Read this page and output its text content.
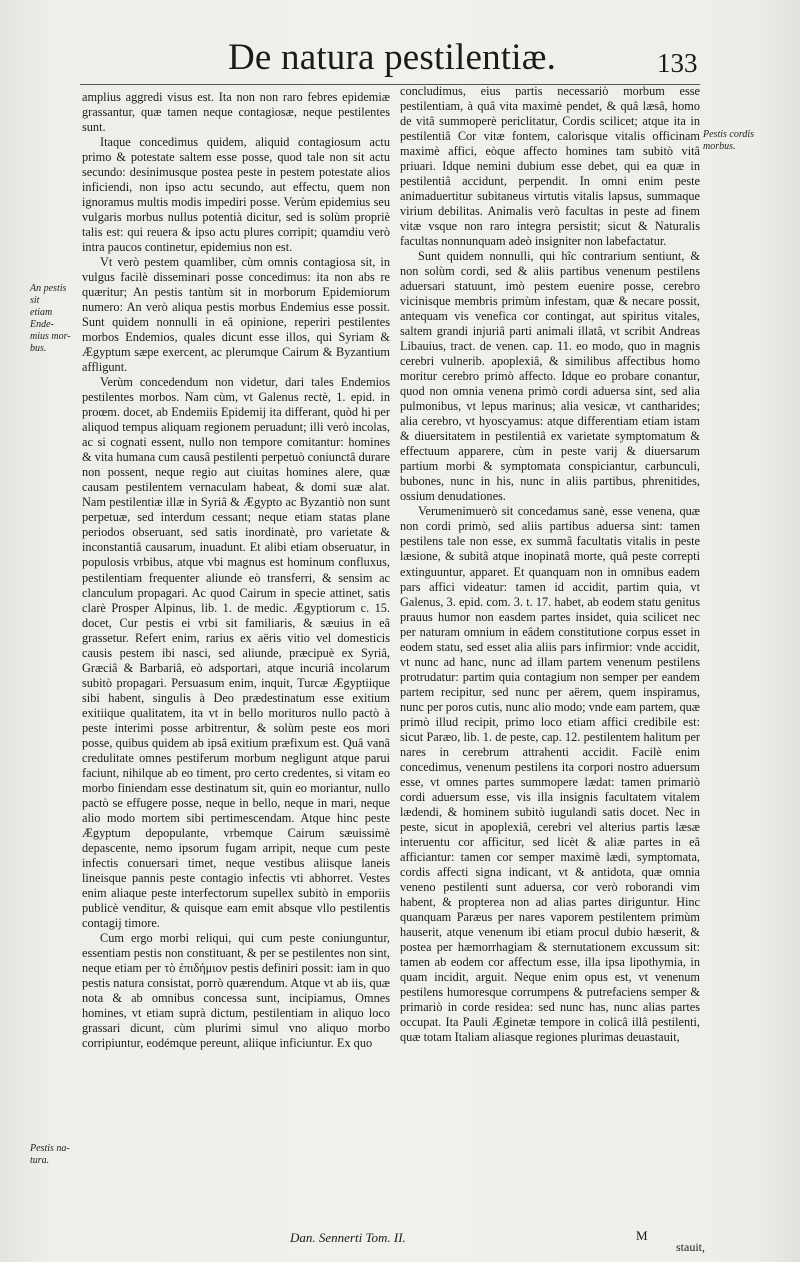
De natura pestilentiæ.	133
An pestis sit
etiam Ende-
mius mor-
bus.
Pestis na-
tura.
Pestis cordis
morbus.

amplius aggredi visus est. Ita non non raro febres epidemiæ grassantur, quæ tamen neque contagiosæ, neque pestilentes sunt.

Itaque concedimus quidem, aliquid contagiosum actu primo & potestate saltem esse posse, quod tale non sit actu secundo: desinimusque postea peste in pestem potestate alios inficiendi, non ipso actu secundo, aut effectu, quem non ignoramus multis modis impediri posse. Verùm epidemius seu vulgaris morbus nullus potentià dicitur, sed is solùm propriè talis est: qui reuera & ipso actu plures corripit; quamdiu verò intra paucos continetur, epidemius non est.

Vt verò pestem quamliber, cùm omnis contagiosa sit, in vulgus facilè disseminari posse concedimus: ita non abs re quæritur; An pestis tantùm sit in morborum Epidemiorum numero: An verò aliqua pestis morbus Endemius esse possit. Sunt quidem nonnulli in eâ opinione, reperiri pestilentes morbos Endemios, quales dicunt esse illos, qui Syriam & Ægyptum sæpe exercent, ac plerumque Cairum & Byzantium affligunt.

Verùm concedendum non videtur, dari tales Endemios pestilentes morbos. Nam cùm, vt Galenus rectè, 1. epid. in proœm. docet, ab Endemiis Epidemij ita differant, quòd hi per aliquod tempus aliquam regionem peruadunt; illi verò incolas, ac si cognati essent, nullo non tempore comitantur: homines & vita humana cum causâ pestilenti perpetuò coniunctâ durare non possent, neque regio aut ciuitas homines alere, quæ causam pestilentem vernaculam habeat, & domi suæ alat. Nam pestilentiæ illæ in Syriâ & Ægypto ac Byzantiò non sunt perpetuæ, sed interdum cessant; neque etiam statas plane periodos obseruant, sed satis inordinatè, pro varietate & inconstantiâ causarum, inuadunt. Et alibi etiam obseruatur, in populosis vrbibus, atque vbi magnus est hominum confluxus, pestilentiam frequenter aliunde eò transferri, & sensim ac clanculum propagari. Ac quod Cairum in specie attinet, satis clarè Prosper Alpinus, lib. 1. de medic. Ægyptiorum c. 15. docet, Cur pestis ei vrbi sit familiaris, & sæuius in eâ grassetur. Refert enim, rarius ex aëris vitio vel domesticis causis pestem ibi nasci, sed aliunde, præcipuè ex Syriâ, Græciâ & Barbariâ, eò adsportari, atque incuriâ incolarum subitò propagari. Persuasum enim, inquit, Turcæ Ægyptiique sibi habent, singulis à Deo prædestinatum esse exitium exitiique qualitatem, ita vt in bello morituros nullo pactò à peste interimi posse arbitrentur, & solùm peste eos mori posse, quibus quidem ab ipsâ exitium præfixum est. Quâ vanâ credulitate omnes pestiferum morbum negligunt atque parui faciunt, nihilque ab eo timent, pro certo credentes, si vitam eo morbo finiendam esse destinatum sit, quin eo moriantur, nullo pactò se effugere posse, neque in bello, neque in mari, neque alio modo mortem sibi pertimescendam. Atque hinc peste Ægyptum depopulante, vrbemque Cairum sæuissimè depascente, nemo ipsorum fugam arripit, neque cum peste infectis conuersari timet, neque vestibus aliisque laneis lineisque pannis peste contagio infectis vti abhorret. Vestes enim aliaque peste interfectorum supellex subitò in emporiis publicè venditur, & quisque eam emit absque vllo pestilentis contagij timore.

Cum ergo morbi reliqui, qui cum peste coniunguntur, essentiam pestis non constituant, & per se pestilentes non sint, neque etiam per τὸ ἐπιδήμιον pestis definiri possit: iam in quo pestis natura consistat, porrò quærendum. Atque vt ab iis, quæ nota & ab omnibus concessa sunt, incipiamus, Omnes homines, vt etiam suprà dictum, pestilentiam in aliquo loco grassari dicunt, cùm plurimi simul vno aliquo morbo corripiuntur, eodémque pereunt, aliique inficiuntur. Ex quo

concludimus, eius partis necessariò morbum esse pestilentiam, à quâ vita maximè pendet, & quâ læsâ, homo de vitâ summoperè periclitatur, Cordis scilicet; atque ita in pestilentiâ Cor vitæ fontem, calorisque vitalis officinam maximè affici, eòque affecto homines tam subitò vitâ priuari. Idque nemini dubium esse debet, qui ea quæ in pestilentiâ accidunt, perpendit. In omni enim peste animaduertitur subitaneus virtutis vitalis lapsus, summaque virium debilitas. Animalis verò facultas in peste ad finem vitæ vsque non raro integra persistit; sicut & Naturalis facultas nonnunquam adeò insigniter non labefactatur.

Sunt quidem nonnulli, qui hîc contrarium sentiunt, & non solùm cordi, sed & aliis partibus venenum pestilens aduersari statuunt, imò pestem euenire posse, cerebro vicinisque membris primùm infestam, quæ & necare possit, antequam vis venefica cor contingat, aut spiritus vitales, saltem grandi injuriâ parti animali illatâ, vt scribit Andreas Libauius, tract. de venen. cap. 11. eo modo, quo in magnis cerebri vulnerib. apoplexiâ, & similibus affectibus homo moritur cerebro primò affecto. Idque eo probare conantur, quod non omnia venena primò cordi aduersa sint, sed alia pulmonibus, vt lepus marinus; alia vesicæ, vt cantharides; alia cerebro, vt hyoscyamus: atque differentiam etiam istam & diuersitatem in pestilentiâ ex varietate symptomatum & effectuum apparere, cùm in peste varij & diuersarum partium morbi & symptomata conspiciantur, carbunculi, bubones, nunc in his, nunc in aliis partibus, phrenitides, ossium denudationes.

Verumenimuerò sit concedamus sanè, esse venena, quæ non cordi primò, sed aliis partibus aduersa sint: tamen pestilens tale non esse, ex summâ facultatis vitalis in peste læsione, & subitâ atque inopinatâ morte, quâ peste correpti extinguuntur, apparet. Et quanquam non in omnibus eadem pars affici videatur: tamen id accidit, partim quia, vt Galenus, 3. epid. com. 3. t. 17. habet, ab eodem statu genitus prauus humor non easdem partes insidet, quia scilicet nec per naturam omnium in eâdem constitutione corpus esset in eodem statu, sed esset alia aliis pars infirmior: vnde accidit, vt nunc ad hanc, nunc ad illam partem venenum pestilens protrudatur: partim quia contagium non semper per eandem partem recipitur, sed nunc per aërem, quem inspiramus, nunc per poros cutis, nunc alio modo; vnde eam partem, quæ primò illud recipit, primo loco etiam affici credibile est: sicut Paræo, lib. 1. de peste, cap. 12. pestilentem halitum per nares in cerebrum attrahenti accidit. Facilè enim concedimus, venenum pestilens ita corpori nostro aduersum esse, vt omnes partes summopere lædat: tamen primariò cordi aduersum esse, vis illa insignis facultatem vitalem lædendi, & hominem subitò iugulandi satis docet. Nec in peste, sicut in apoplexiâ, cerebri vel alterius partis læsæ interuentu cor afficitur, sed licèt & aliæ partes in eâ afficiantur: tamen cor semper maximè lædi, symptomata, cordis affecti signa indicant, vt & antidota, quæ omnia veneno pestilenti sunt aduersa, cor verò roborandi vim habent, & propterea non ad alias partes diriguntur. Hinc quanquam Paræus per nares vaporem pestilentem primùm hauserit, atque venenum ibi etiam procul dubio hæserit, & postea per hæmorrhagiam & sternutationem excussum sit: tamen ab eodem cor affectum esse, illa ipsa lipothymia, in quam incidit, arguit. Neque enim opus est, vt venenum pestilens humoresque corrumpens & putrefaciens semper & primariò in corde residea: sed nunc has, nunc alias partes occupat. Ita Pauli Æginetæ tempore in colicâ illâ pestilenti, quæ totam Italiam aliasque regiones plurimas deuastauit,

Dan. Sennerti Tom. II.	M
stauit,
